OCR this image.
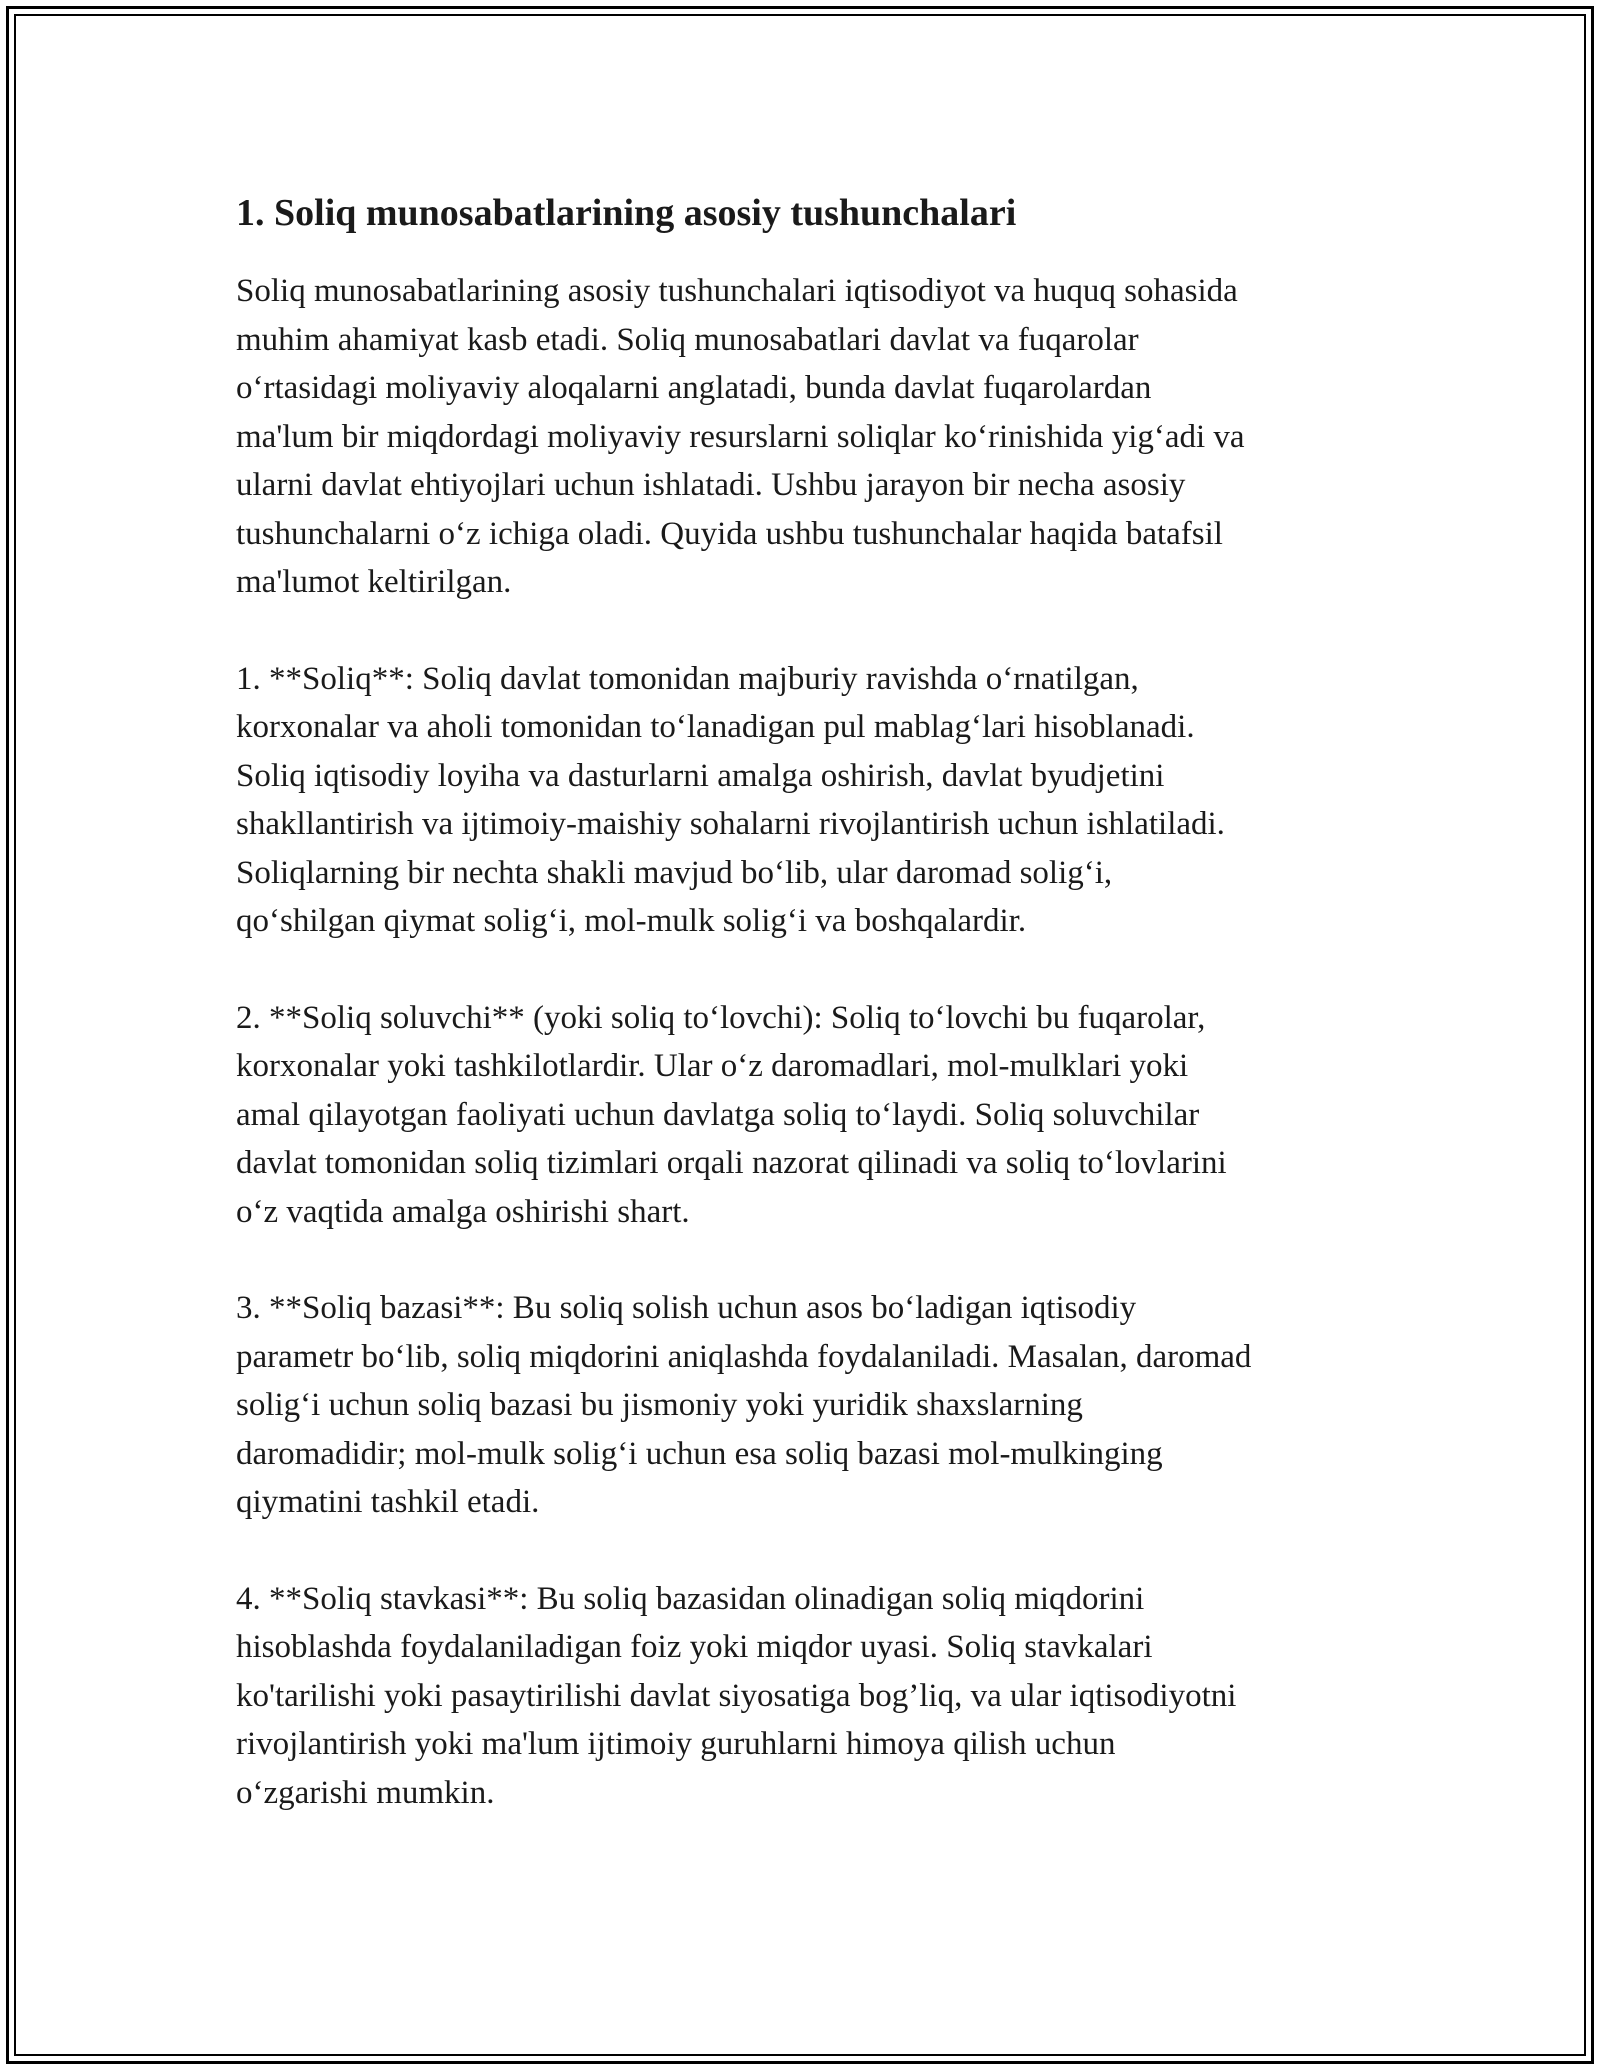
1. Soliq munosabatlarining asosiy tushunchalari
Soliq munosabatlarining asosiy tushunchalari iqtisodiyot va huquq sohasida
muhim ahamiyat kasb etadi. Soliq munosabatlari davlat va fuqarolar
o‘rtasidagi moliyaviy aloqalarni anglatadi, bunda davlat fuqarolardan
ma'lum bir miqdordagi moliyaviy resurslarni soliqlar ko‘rinishida yig‘adi va
ularni davlat ehtiyojlari uchun ishlatadi. Ushbu jarayon bir necha asosiy
tushunchalarni o‘z ichiga oladi. Quyida ushbu tushunchalar haqida batafsil
ma'lumot keltirilgan.
1. **Soliq**: Soliq davlat tomonidan majburiy ravishda o‘rnatilgan,
korxonalar va aholi tomonidan to‘lanadigan pul mablag‘lari hisoblanadi.
Soliq iqtisodiy loyiha va dasturlarni amalga oshirish, davlat byudjetini
shakllantirish va ijtimoiy-maishiy sohalarni rivojlantirish uchun ishlatiladi.
Soliqlarning bir nechta shakli mavjud bo‘lib, ular daromad solig‘i,
qo‘shilgan qiymat solig‘i, mol-mulk solig‘i va boshqalardir.
2. **Soliq soluvchi** (yoki soliq to‘lovchi): Soliq to‘lovchi bu fuqarolar,
korxonalar yoki tashkilotlardir. Ular o‘z daromadlari, mol-mulklari yoki
amal qilayotgan faoliyati uchun davlatga soliq to‘laydi. Soliq soluvchilar
davlat tomonidan soliq tizimlari orqali nazorat qilinadi va soliq to‘lovlarini
o‘z vaqtida amalga oshirishi shart.
3. **Soliq bazasi**: Bu soliq solish uchun asos bo‘ladigan iqtisodiy
parametr bo‘lib, soliq miqdorini aniqlashda foydalaniladi. Masalan, daromad
solig‘i uchun soliq bazasi bu jismoniy yoki yuridik shaxslarning
daromadidir; mol-mulk solig‘i uchun esa soliq bazasi mol-mulkinging
qiymatini tashkil etadi.
4. **Soliq stavkasi**: Bu soliq bazasidan olinadigan soliq miqdorini
hisoblashda foydalaniladigan foiz yoki miqdor uyasi. Soliq stavkalari
ko'tarilishi yoki pasaytirilishi davlat siyosatiga bog’liq, va ular iqtisodiyotni
rivojlantirish yoki ma'lum ijtimoiy guruhlarni himoya qilish uchun
o‘zgarishi mumkin.
